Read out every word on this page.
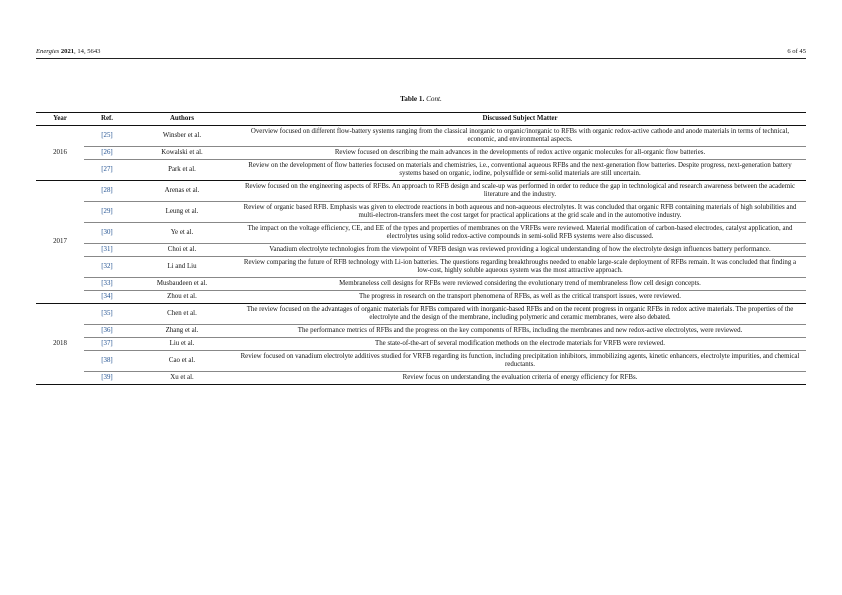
Energies 2021, 14, 5643	6 of 45
Table 1. Cont.
Year	Ref.	Authors	Discussed Subject Matter
2016	[25]	Winsber et al.	Overview focused on different flow-battery systems ranging from the classical inorganic to organic/inorganic to RFBs with organic redox-active cathode and anode materials in terms of technical, economic, and environmental aspects.
	[26]	Kowalski et al.	Review focused on describing the main advances in the developments of redox active organic molecules for all-organic flow batteries.
	[27]	Park et al.	Review on the development of flow batteries focused on materials and chemistries, i.e., conventional aqueous RFBs and the next-generation flow batteries. Despite progress, next-generation battery systems based on organic, iodine, polysulfide or semi-solid materials are still uncertain.
2017	[28]	Arenas et al.	Review focused on the engineering aspects of RFBs. An approach to RFB design and scale-up was performed in order to reduce the gap in technological and research awareness between the academic literature and the industry.
	[29]	Leung et al.	Review of organic based RFB. Emphasis was given to electrode reactions in both aqueous and non-aqueous electrolytes. It was concluded that organic RFB containing materials of high solubilities and multi-electron-transfers meet the cost target for practical applications at the grid scale and in the automotive industry.
	[30]	Ye et al.	The impact on the voltage efficiency, CE, and EE of the types and properties of membranes on the VRFBs were reviewed. Material modification of carbon-based electrodes, catalyst application, and electrolytes using solid redox-active compounds in semi-solid RFB systems were also discussed.
	[31]	Choi et al.	Vanadium electrolyte technologies from the viewpoint of VRFB design was reviewed providing a logical understanding of how the electrolyte design influences battery performance.
	[32]	Li and Liu	Review comparing the future of RFB technology with Li-ion batteries. The questions regarding breakthroughs needed to enable large-scale deployment of RFBs remain. It was concluded that finding a low-cost, highly soluble aqueous system was the most attractive approach.
	[33]	Musbaudeen et al.	Membraneless cell designs for RFBs were reviewed considering the evolutionary trend of membraneless flow cell design concepts.
	[34]	Zhou et al.	The progress in research on the transport phenomena of RFBs, as well as the critical transport issues, were reviewed.
2018	[35]	Chen et al.	The review focused on the advantages of organic materials for RFBs compared with inorganic-based RFBs and on the recent progress in organic RFBs in redox active materials. The properties of the electrolyte and the design of the membrane, including polymeric and ceramic membranes, were also debated.
	[36]	Zhang et al.	The performance metrics of RFBs and the progress on the key components of RFBs, including the membranes and new redox-active electrolytes, were reviewed.
	[37]	Liu et al.	The state-of-the-art of several modification methods on the electrode materials for VRFB were reviewed.
	[38]	Cao et al.	Review focused on vanadium electrolyte additives studied for VRFB regarding its function, including precipitation inhibitors, immobilizing agents, kinetic enhancers, electrolyte impurities, and chemical reductants.
	[39]	Xu et al.	Review focus on understanding the evaluation criteria of energy efficiency for RFBs.
